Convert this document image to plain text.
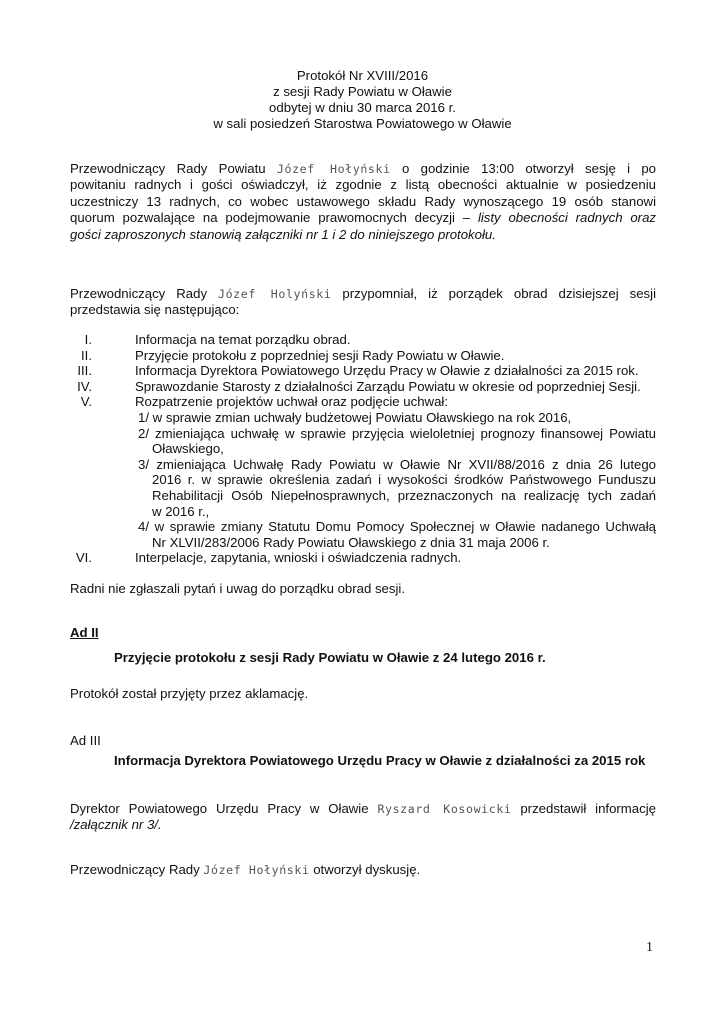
Protokół Nr XVIII/2016
z sesji Rady Powiatu w Oławie
odbytej w dniu 30 marca 2016 r.
w sali posiedzeń Starostwa Powiatowego w Oławie
Przewodniczący Rady Powiatu Józef Hołyński o godzinie 13:00 otworzył sesję i po
powitaniu radnych i gości oświadczył, iż zgodnie z listą obecności aktualnie w posiedzeniu
uczestniczy 13 radnych, co wobec ustawowego składu Rady wynoszącego 19 osób stanowi
quorum pozwalające na podejmowanie prawomocnych decyzji – listy obecności radnych oraz
gości zaproszonych stanowią załączniki nr 1 i 2 do niniejszego protokołu.
Przewodniczący Rady Józef Holyński przypomniał, iż porządek obrad dzisiejszej sesji
przedstawia się następująco:
I.	Informacja na temat porządku obrad.
II.	Przyjęcie protokołu z poprzedniej sesji Rady Powiatu w Oławie.
III.	Informacja Dyrektora Powiatowego Urzędu Pracy w Oławie z działalności za 2015 rok.
IV.	Sprawozdanie Starosty z działalności Zarządu Powiatu w okresie od poprzedniej Sesji.
V.	Rozpatrzenie projektów uchwał oraz podjęcie uchwał:
1/ w sprawie zmian uchwały budżetowej Powiatu Oławskiego na rok 2016,
2/ zmieniająca uchwałę w sprawie przyjęcia wieloletniej prognozy finansowej Powiatu
Oławskiego,
3/ zmieniająca Uchwałę Rady Powiatu w Oławie Nr XVII/88/2016 z dnia 26 lutego
2016 r. w sprawie określenia zadań i wysokości środków Państwowego Funduszu
Rehabilitacji Osób Niepełnosprawnych, przeznaczonych na realizację tych zadań
w 2016 r.,
4/ w sprawie zmiany Statutu Domu Pomocy Społecznej w Oławie nadanego Uchwałą
Nr XLVII/283/2006 Rady Powiatu Oławskiego z dnia 31 maja 2006 r.
VI.	Interpelacje, zapytania, wnioski i oświadczenia radnych.
Radni nie zgłaszali pytań i uwag do porządku obrad sesji.
Ad II
Przyjęcie protokołu z sesji Rady Powiatu w Oławie z 24 lutego 2016 r.
Protokół został przyjęty przez aklamację.
Ad III
Informacja Dyrektora Powiatowego Urzędu Pracy w Oławie z działalności za 2015 rok
Dyrektor Powiatowego Urzędu Pracy w Oławie Ryszard Kosowicki przedstawił informację
/załącznik nr 3/.
Przewodniczący Rady Józef Hołyński otworzył dyskusję.
1
